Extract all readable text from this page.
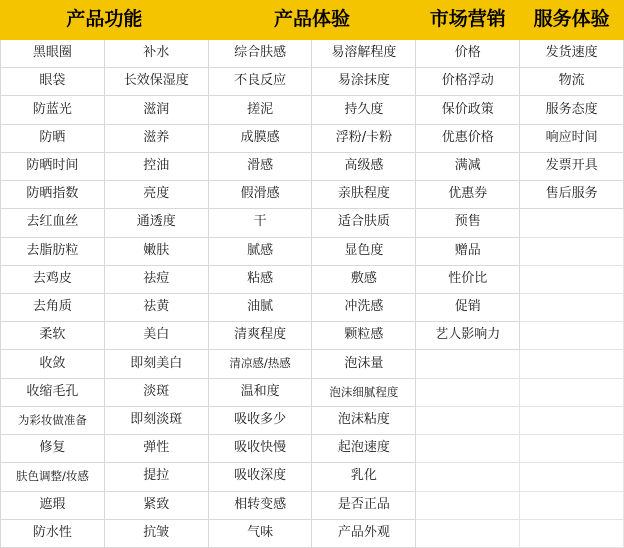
产品功能		产品体验		市场营销	服务体验

黑眼圈	补水	综合肤感	易溶解程度	价格	发货速度

眼袋	长效保湿度	不良反应	易涂抹度	价格浮动	物流

防蓝光	滋润	搓泥	持久度	保价政策	服务态度

防晒	滋养	成膜感	浮粉/卡粉	优惠价格	响应时间

防晒时间	控油	滑感	高级感	满减	发票开具

防晒指数	亮度	假滑感	亲肤程度	优惠券	售后服务

去红血丝	通透度	干	适合肤质	预售	

去脂肪粒	嫩肤	腻感	显色度	赠品	

去鸡皮	祛痘	粘感	敷感	性价比	

去角质	祛黄	油腻	冲洗感	促销	

柔软	美白	清爽程度	颗粒感	艺人影响力	

收敛	即刻美白	清凉感/热感	泡沫量		

收缩毛孔	淡斑	温和度	泡沫细腻程度		

为彩妆做准备	即刻淡斑	吸收多少	泡沫粘度		

修复	弹性	吸收快慢	起泡速度		

肤色调整/妆感	提拉	吸收深度	乳化		

遮瑕	紧致	相转变感	是否正品		

防水性	抗皱	气味	产品外观		
